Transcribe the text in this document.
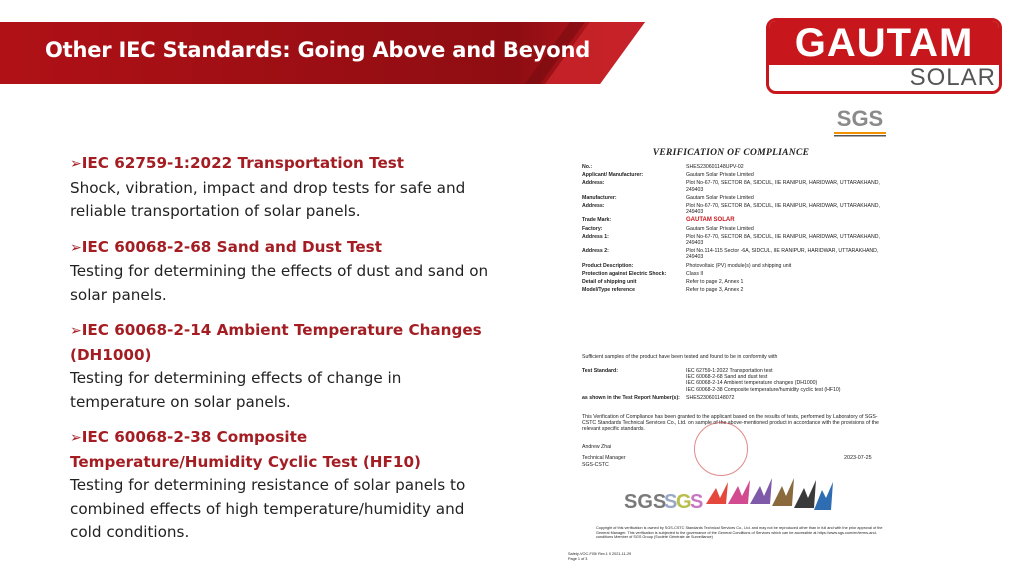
Other IEC Standards: Going Above and Beyond	GAUTAM
SOLAR
➢IEC 62759-1:2022 Transportation Test
Shock, vibration, impact and drop tests for safe and reliable transportation of solar panels.
➢IEC 60068-2-68 Sand and Dust Test
Testing for determining the effects of dust and sand on solar panels.
➢IEC 60068-2-14 Ambient Temperature Changes (DH1000)
Testing for determining effects of change in temperature on solar panels.
➢IEC 60068-2-38 Composite Temperature/Humidity Cyclic Test (HF10)
Testing for determining resistance of solar panels to combined effects of high temperature/humidity and cold conditions.
SGS
VERIFICATION OF COMPLIANCE
No.:	SHES230601148UPV-02
Applicant/ Manufacturer:	Gautam Solar Private Limited
Address:	Plot No-67-70, SECTOR 8A, SIDCUL, IIE RANIPUR, HARIDWAR, UTTARAKHAND, 249403
Manufacturer:	Gautam Solar Private Limited
Address:	Plot No-67-70, SECTOR 8A, SIDCUL, IIE RANIPUR, HARIDWAR, UTTARAKHAND, 249403
Trade Mark:	GAUTAM SOLAR
Factory:	Gautam Solar Private Limited
Address 1:	Plot No-67-70, SECTOR 8A, SIDCUL, IIE RANIPUR, HARIDWAR, UTTARAKHAND, 249403
Address 2:	Plot No.114-115 Sector -6A, SIDCUL, IIE RANIPUR, HARIDWAR, UTTARAKHAND, 249403
Product Description:	Photovoltaic (PV) module(s) and shipping unit
Protection against Electric Shock:	Class II
Detail of shipping unit	Refer to page 2, Annex 1
Model/Type reference	Refer to page 3, Annex 2
Sufficient samples of the product have been tested and found to be in conformity with
Test Standard:	IEC 62759-1:2022 Transportation test
IEC 60068-2-68 Sand and dust test
IEC 60068-2-14 Ambient temperature changes (DH1000)
IEC 60068-2-38 Composite temperature/humidity cyclic test (HF10)
as shown in the Test Report Number(s):	SHES230601148072
This Verification of Compliance has been granted to the applicant based on the results of tests, performed by Laboratory of SGS-CSTC Standards Technical Services Co., Ltd. on sample of the above-mentioned product in accordance with the provisions of the relevant specific standards.
Andrew Zhai
Technical Manager
SGS-CSTC
2023-07-25
SGS
S
G
S
Copyright of this verification is owned by SGS-CSTC Standards Technical Services Co., Ltd. and may not be reproduced other than in full and with the prior approval of the General Manager. This verification is subjected to the governance of the General Conditions of Services which can be accessible at https://www.sgs.com/en/terms-and-conditions Member of SGS Group (Société Générale de Surveillance)
Safety-VOC-F05/ Rev.1 0 2021-11-29
Page 1 of 3
